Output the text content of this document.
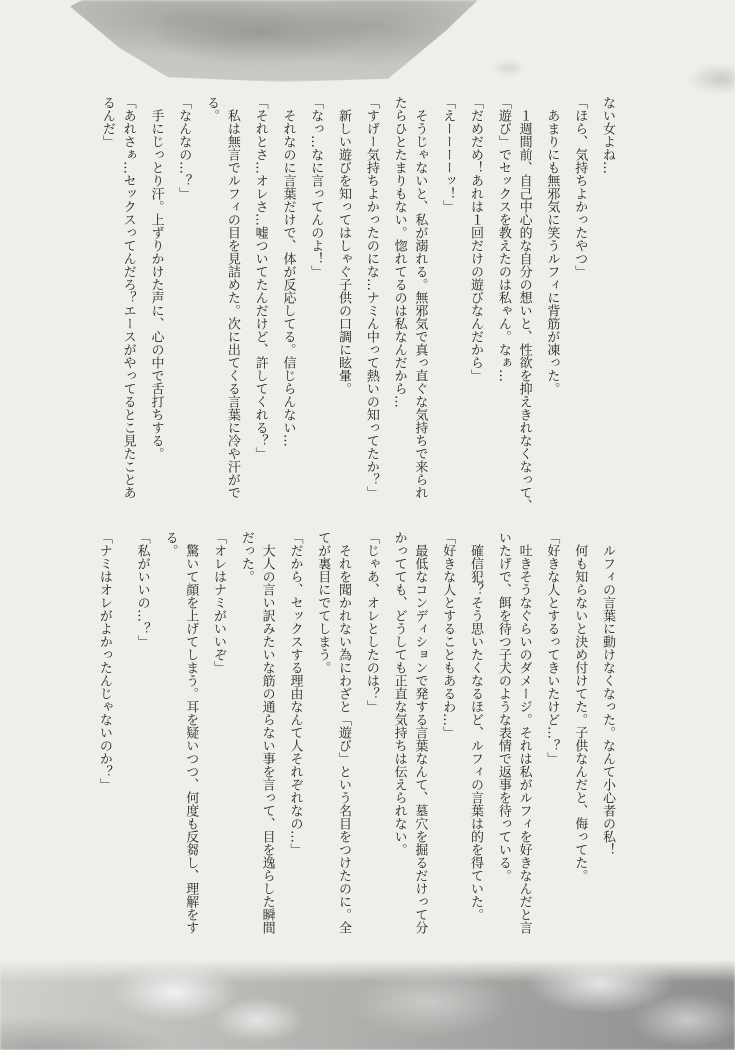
ない女よね…

「ほら、気持ちよかったやつ」

あまりにも無邪気に笑うルフィに背筋が凍った。

１週間前、自己中心的な自分の想いと、性欲を抑えきれなくなって、

「遊び」でセックスを教えたのは私ゃん。なぁ…

「だめだめ！あれは１回だけの遊びなんだから」

「えーーーーッ！」

そうじゃないと、私が溺れる。無邪気で真っ直ぐな気持ちで来られ

たらひとたまりもない。惚れてるのは私なんだから…

「すげー気持ちよかったのにな…ナミん中って熱いの知ってたか？」

新しい遊びを知ってはしゃぐ子供の口調に眩暈。

「なっ…なに言ってんのよ！」

それなのに言葉だけで、体が反応してる。信じらんない…

「それとさ…オレさ…嘘ついてたんだけど、許してくれる？」

私は無言でルフィの目を見詰めた。次に出てくる言葉に冷や汗がで

る。

「なんなの…？」

手にじっとり汗。上ずりかけた声に、心の中で舌打ちする。

「あれさぁ…セックスってんだろ？エースがやってるとこ見たことあ

るんだ」

ルフィの言葉に動けなくなった。なんて小心者の私！

何も知らないと決め付けてた。子供なんだと、侮ってた。

「好きな人とするってきいたけど…？」

吐きそうなぐらいのダメージ。それは私がルフィを好きなんだと言

いたげで、餌を待つ子犬のような表情で返事を待っている。

確信犯？そう思いたくなるほど、ルフィの言葉は的を得ていた。

「好きな人とすることもあるわ…」

最低なコンディションで発する言葉なんて、墓穴を掘るだけって分

かってても、どうしても正直な気持ちは伝えられない。

「じゃあ、オレとしたのは？」

それを聞かれない為にわざと「遊び」という名目をつけたのに。全

てが裏目にでてしまう。

「だから、セックスする理由なんて人それぞれなの…」

大人の言い訳みたいな筋の通らない事を言って、目を逸らした瞬間

だった。

「オレはナミがいいぞ」

驚いて顔を上げてしまう。耳を疑いつつ、何度も反芻し、理解をす

る。

「私がいいの…？」

「ナミはオレがよかったんじゃないのか？」
